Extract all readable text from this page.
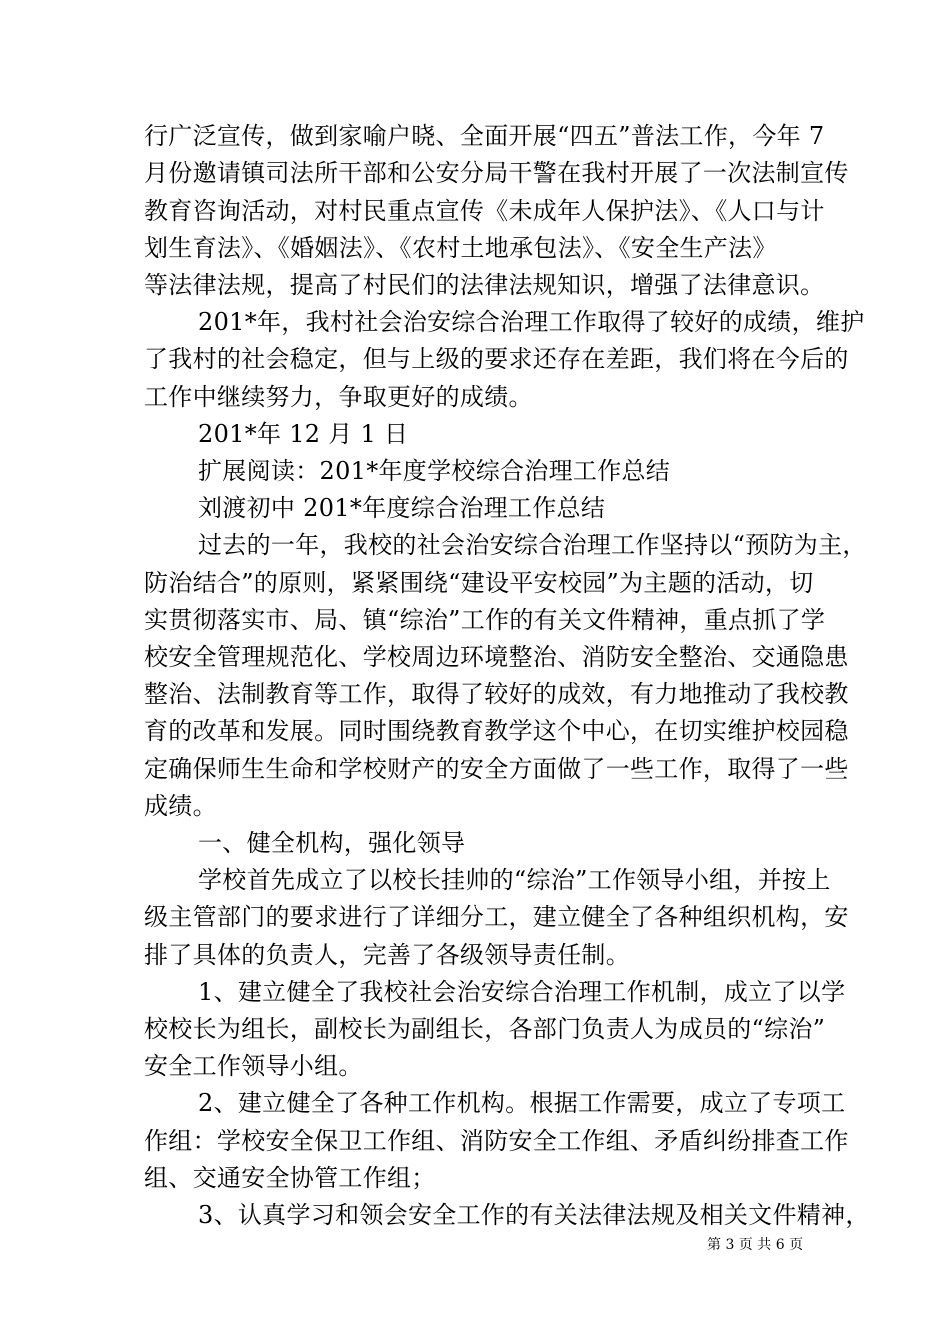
行广泛宣传，做到家喻户晓、全面开展“四五”普法工作，今年 7
月份邀请镇司法所干部和公安分局干警在我村开展了一次法制宣传
教育咨询活动，对村民重点宣传《未成年人保护法》、《人口与计
划生育法》、《婚姻法》、《农村土地承包法》、《安全生产法》
等法律法规，提高了村民们的法律法规知识，增强了法律意识。
201*年，我村社会治安综合治理工作取得了较好的成绩，维护
了我村的社会稳定，但与上级的要求还存在差距，我们将在今后的
工作中继续努力，争取更好的成绩。
201*年 12 月 1 日
扩展阅读：201*年度学校综合治理工作总结
刘渡初中 201*年度综合治理工作总结
过去的一年，我校的社会治安综合治理工作坚持以“预防为主，
防治结合”的原则，紧紧围绕“建设平安校园”为主题的活动，切
实贯彻落实市、局、镇“综治”工作的有关文件精神，重点抓了学
校安全管理规范化、学校周边环境整治、消防安全整治、交通隐患
整治、法制教育等工作，取得了较好的成效，有力地推动了我校教
育的改革和发展。同时围绕教育教学这个中心，在切实维护校园稳
定确保师生生命和学校财产的安全方面做了一些工作，取得了一些
成绩。
一、健全机构，强化领导
学校首先成立了以校长挂帅的“综治”工作领导小组，并按上
级主管部门的要求进行了详细分工，建立健全了各种组织机构，安
排了具体的负责人，完善了各级领导责任制。
1、建立健全了我校社会治安综合治理工作机制，成立了以学
校校长为组长，副校长为副组长，各部门负责人为成员的“综治”
安全工作领导小组。
2、建立健全了各种工作机构。根据工作需要，成立了专项工
作组：学校安全保卫工作组、消防安全工作组、矛盾纠纷排查工作
组、交通安全协管工作组；
3、认真学习和领会安全工作的有关法律法规及相关文件精神，
第 3 页 共 6 页
